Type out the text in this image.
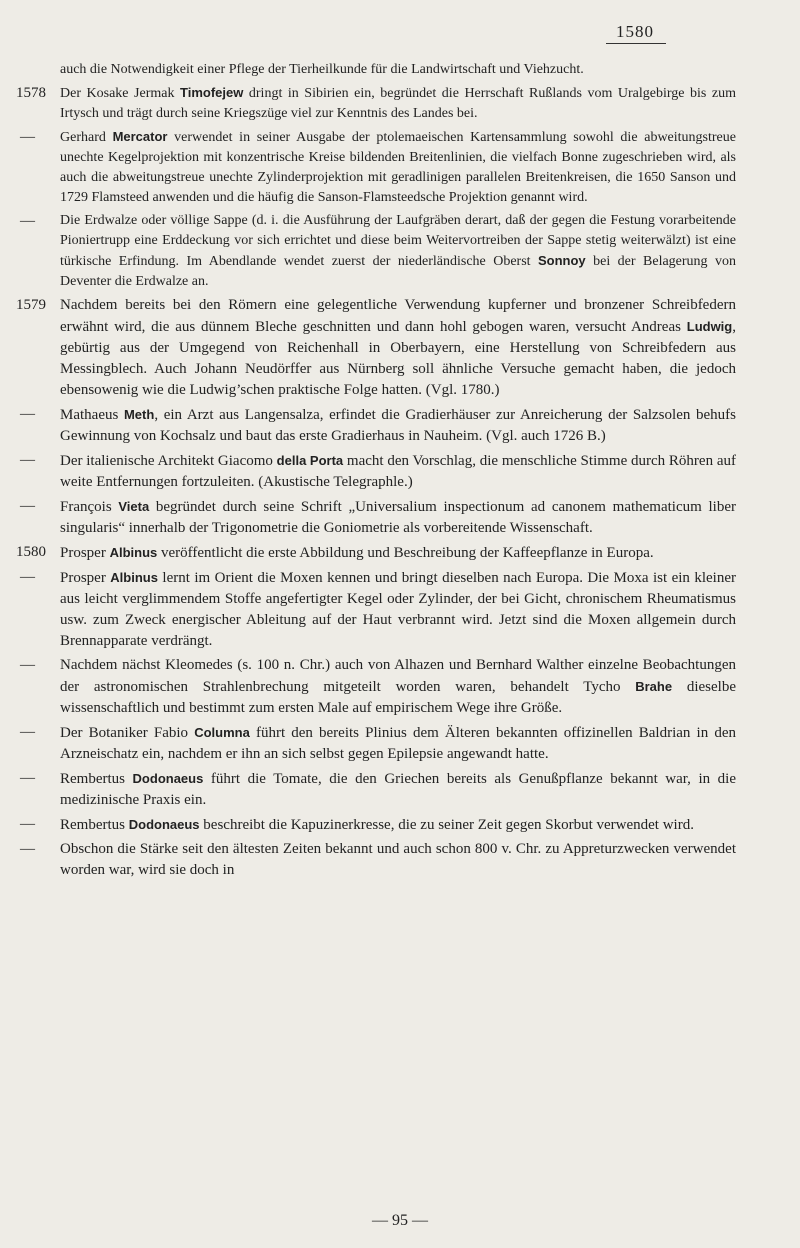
1580
auch die Notwendigkeit einer Pflege der Tierheilkunde für die Landwirtschaft und Viehzucht.
1578 Der Kosake Jermak Timofejew dringt in Sibirien ein, begründet die Herrschaft Rußlands vom Uralgebirge bis zum Irtysch und trägt durch seine Kriegszüge viel zur Kenntnis des Landes bei.
— Gerhard Mercator verwendet in seiner Ausgabe der ptolemaeischen Kartensammlung sowohl die abweitungstreue unechte Kegelprojektion mit konzentrische Kreise bildenden Breitenlinien, die vielfach Bonne zugeschrieben wird, als auch die abweitungstreue unechte Zylinderprojektion mit geradlinigen parallelen Breitenkreisen, die 1650 Sanson und 1729 Flamsteed anwenden und die häufig die Sanson-Flamsteedsche Projektion genannt wird.
— Die Erdwalze oder völlige Sappe (d. i. die Ausführung der Laufgräben derart, daß der gegen die Festung vorarbeitende Pioniertrupp eine Erddeckung vor sich errichtet und diese beim Weitervortreiben der Sappe stetig weiterwälzt) ist eine türkische Erfindung. Im Abendlande wendet zuerst der niederländische Oberst Sonnoy bei der Belagerung von Deventer die Erdwalze an.
1579 Nachdem bereits bei den Römern eine gelegentliche Verwendung kupferner und bronzener Schreibfedern erwähnt wird, die aus dünnem Bleche geschnitten und dann hohl gebogen waren, versucht Andreas Ludwig, gebürtig aus der Umgegend von Reichenhall in Oberbayern, eine Herstellung von Schreibfedern aus Messingblech. Auch Johann Neudörffer aus Nürnberg soll ähnliche Versuche gemacht haben, die jedoch ebensowenig wie die Ludwig’schen praktische Folge hatten. (Vgl. 1780.)
— Mathaeus Meth, ein Arzt aus Langensalza, erfindet die Gradierhäuser zur Anreicherung der Salzsolen behufs Gewinnung von Kochsalz und baut das erste Gradierhaus in Nauheim. (Vgl. auch 1726 B.)
— Der italienische Architekt Giacomo della Porta macht den Vorschlag, die menschliche Stimme durch Röhren auf weite Entfernungen fortzuleiten. (Akustische Telegraphle.)
— François Vieta begründet durch seine Schrift „Universalium inspectionum ad canonem mathematicum liber singularis“ innerhalb der Trigonometrie die Goniometrie als vorbereitende Wissenschaft.
1580 Prosper Albinus veröffentlicht die erste Abbildung und Beschreibung der Kaffeepflanze in Europa.
— Prosper Albinus lernt im Orient die Moxen kennen und bringt dieselben nach Europa. Die Moxa ist ein kleiner aus leicht verglimmendem Stoffe angefertigter Kegel oder Zylinder, der bei Gicht, chronischem Rheumatismus usw. zum Zweck energischer Ableitung auf der Haut verbrannt wird. Jetzt sind die Moxen allgemein durch Brennapparate verdrängt.
— Nachdem nächst Kleomedes (s. 100 n. Chr.) auch von Alhazen und Bernhard Walther einzelne Beobachtungen der astronomischen Strahlenbrechung mitgeteilt worden waren, behandelt Tycho Brahe dieselbe wissenschaftlich und bestimmt zum ersten Male auf empirischem Wege ihre Größe.
— Der Botaniker Fabio Columna führt den bereits Plinius dem Älteren bekannten offizinellen Baldrian in den Arzneischatz ein, nachdem er ihn an sich selbst gegen Epilepsie angewandt hatte.
— Rembertus Dodonaeus führt die Tomate, die den Griechen bereits als Genußpflanze bekannt war, in die medizinische Praxis ein.
— Rembertus Dodonaeus beschreibt die Kapuzinerkresse, die zu seiner Zeit gegen Skorbut verwendet wird.
— Obschon die Stärke seit den ältesten Zeiten bekannt und auch schon 800 v. Chr. zu Appreturzwecken verwendet worden war, wird sie doch in
— 95 —
